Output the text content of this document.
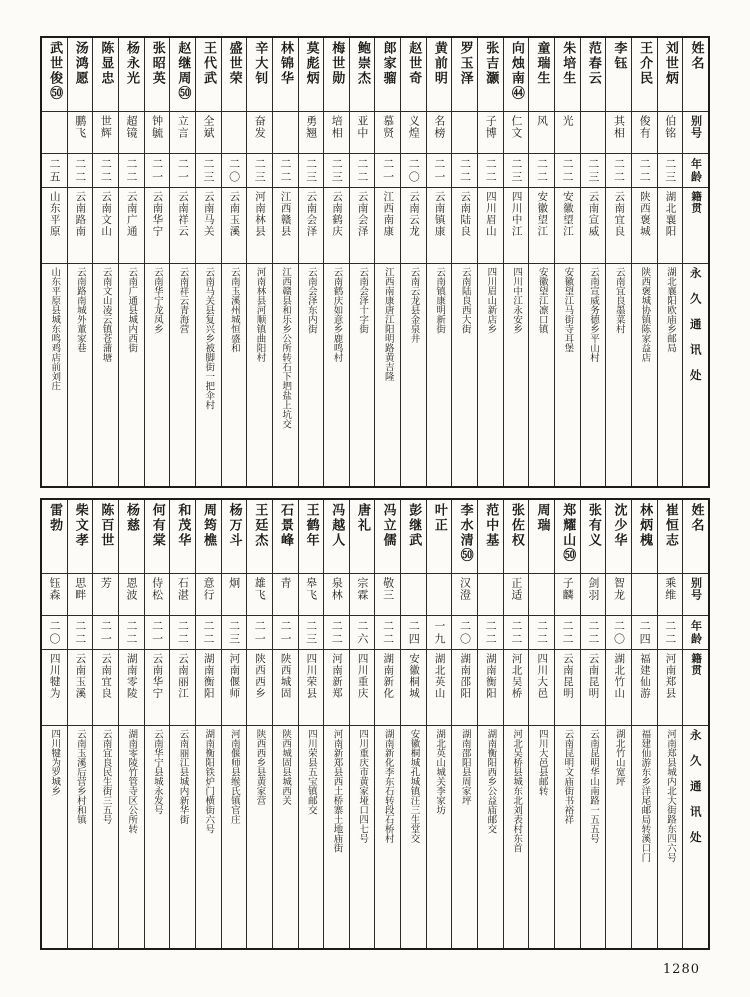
姓名
别号
年龄
籍贯
永久通讯处
刘世炳
伯铭
二三
湖北襄阳
湖北襄阳欧庙乡邮局
王介民
俊有
二二
陕西褒城
陕西褒城协镇陈家益店
李钰
其相
二二
云南宜良
云南宜良墨菜村
范春云
二三
云南宣威
云南宣威务德乡平山村
朱培生
光
二二
安徽望江
安徽望江马街寺耳堡
童瑞生
风
二二
安徽望江
安徽望江凛口镇
向烛南㊹
仁文
二三
四川中江
四川中江永安乡
张吉灏
子博
二二
四川眉山
四川眉山新店乡
罗玉泽
二二
云南陆良
云南陆良西大街
黄前明
名榜
二一
云南镇康
云南镇康明新街
赵世奇
义煌
二〇
云南云龙
云南云龙县金泉井
郎家骝
慕贤
二一
江西南康
江西南康唐江阳明路黄吉隆
鲍崇杰
亚中
二二
云南会泽
云南会泽十字街
梅世勋
培相
二三
云南鹤庆
云南鹤庆如意乡鹿鸣村
莫彪炳
勇翘
二三
云南会泽
云南会泽东内街
林锦华
二二
江西赣县
江西赣县和乐乡公所转石下垇盐上坑交
辛大钊
奋发
二三
河南林县
河南林县河顺镇曲阳村
盛世荣
二〇
云南玉溪
云南玉溪州城恒盛和
王代武
全斌
二三
云南马关
云南马关县复兴乡被脚街一把伞村
赵继周㊿
立言
二一
云南祥云
云南祥云青海营
张昭英
钟毓
二一
云南华宁
云南华宁龙凤乡
杨永光
超镜
二二
云南广通
云南广通县城内西街
陈显忠
世辉
二二
云南文山
云南文山凌云镇苍蒲塘
汤鸿愿
鹏飞
二二
云南路南
云南路南城外董家巷
武世俊㊿
二五
山东平原
山东平原县城东鸣鸡店前刘庄
姓名
别号
年龄
籍贯
永久通讯处
崔恒志
乘维
二二
河南郑县
河南郑县城内北大街路东四六号
林炳槐
二四
福建仙游
福建仙游东乡洋尾邮局转溪口门
沈少华
智龙
二〇
湖北竹山
湖北竹山宽坪
张有义
剑羽
二二
云南昆明
云南昆明华山南路一五五号
郑耀山㊿
子麟
二二
云南昆明
云南昆明文庙街书裕祥
周瑞
二二
四川大邑
四川大邑县邮转
张佐权
正适
二二
河北吴桥
河北吴桥县城东北刘表村东首
范中基
二二
湖南衡阳
湖南衡阳西乡公益庙邮交
李水清㊿
汉澄
二〇
湖南邵阳
湖南邵阳县周家坪
叶正
一九
湖北英山
湖北英山城关李家坊
彭继武
二四
安徽桐城
安徽桐城孔城镇汪三生堂交
冯立儒
敬三
二二
湖南新化
湖南新化李东石转段石桥村
唐礼
宗霖
二六
四川重庆
四川重庆市黄家垭口四七号
冯越人
泉林
二二
河南新郑
河南新郑县西土桥寨土地庙街
王鹤年
皋飞
二三
四川荣县
四川荣县五宝镇邮交
石景峰
青
二一
陕西城固
陕西城固县城西关
王廷杰
雄飞
二一
陕西西乡
陕西西乡县黄家营
杨万斗
炯
二三
河南偃师
河南偃师县缑氏镇官庄
周筠樵
意行
二二
湖南衡阳
湖南衡阳铁炉门横街六号
和茂华
石湛
二二
云南丽江
云南丽江县城内新华街
何有棠
侍松
二一
云南华宁
云南华宁县城永发号
杨慈
恩波
二二
湖南零陵
湖南零陵竹管寺区公所转
陈百世
芳
二一
云南宜良
云南宜良民生街三五号
柴文孝
思畔
二二
云南玉溪
云南玉溪后营乡村和镇
雷勃
钰森
二〇
四川犍为
四川犍为罗城乡
1280
